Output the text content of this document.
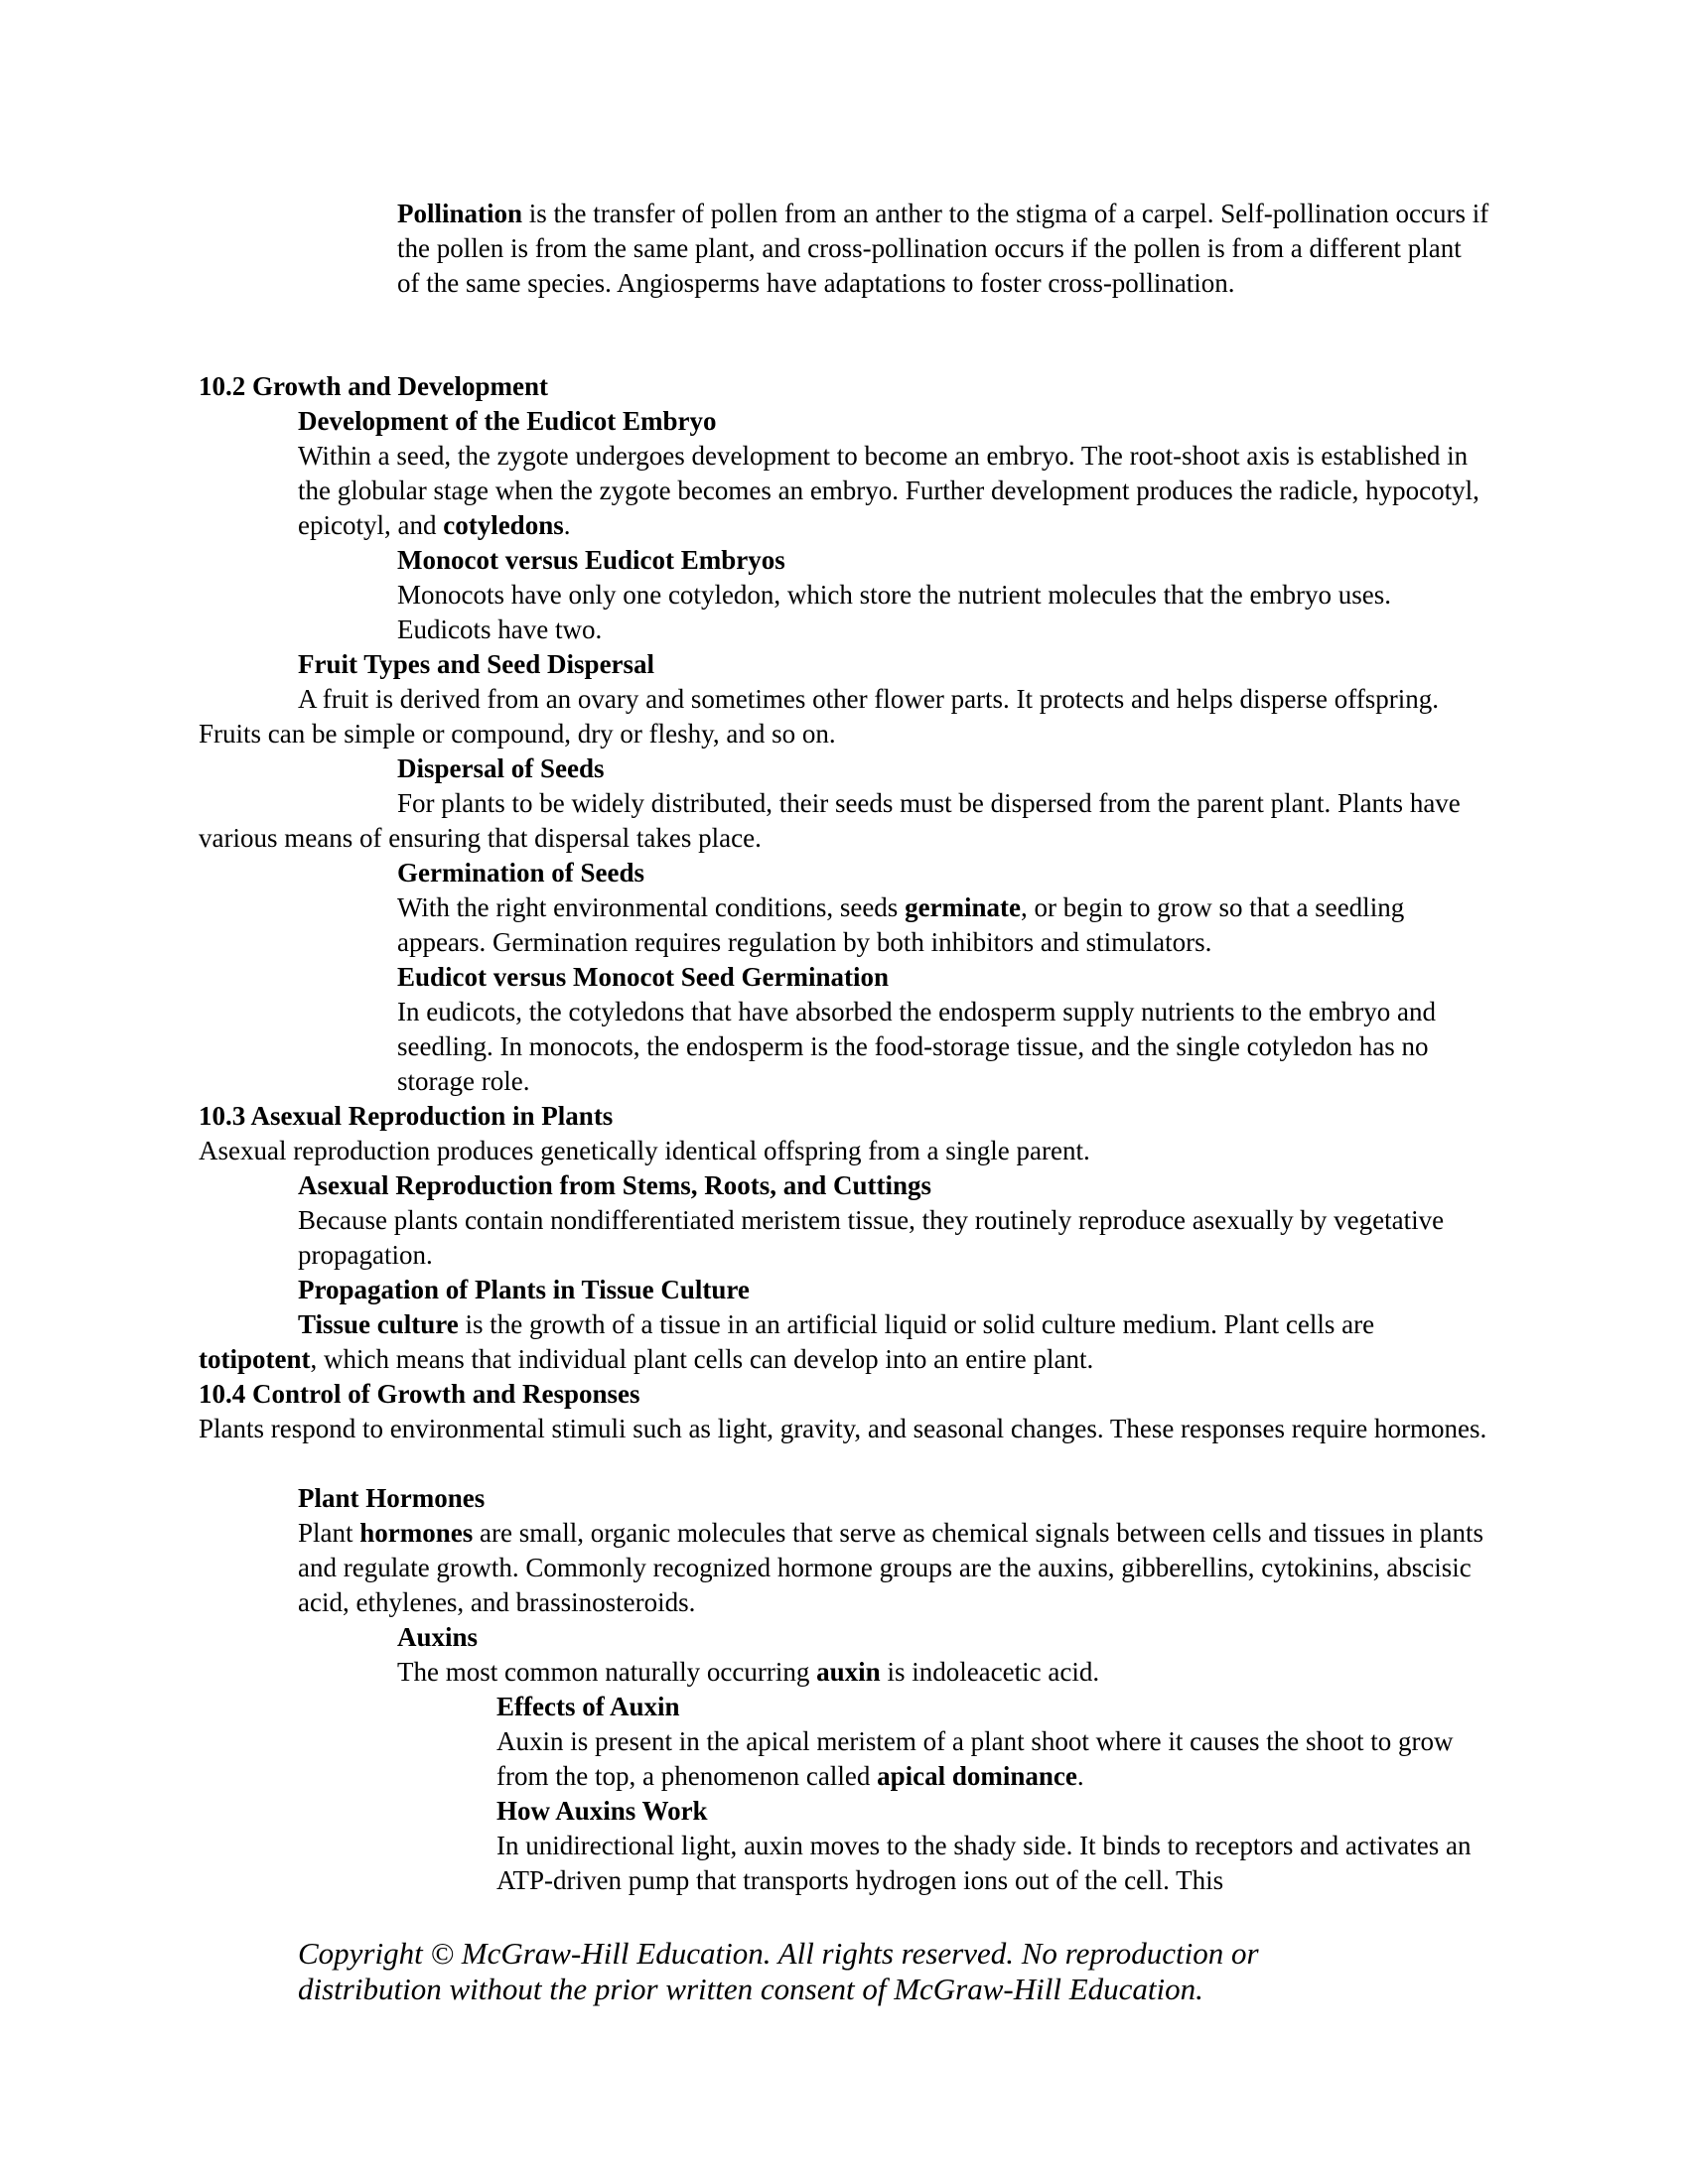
Pollination is the transfer of pollen from an anther to the stigma of a carpel. Self-pollination occurs if the pollen is from the same plant, and cross-pollination occurs if the pollen is from a different plant of the same species. Angiosperms have adaptations to foster cross-pollination.

10.2 Growth and Development

Development of the Eudicot Embryo

Within a seed, the zygote undergoes development to become an embryo. The root-shoot axis is established in the globular stage when the zygote becomes an embryo. Further development produces the radicle, hypocotyl, epicotyl, and cotyledons.

Monocot versus Eudicot Embryos

Monocots have only one cotyledon, which store the nutrient molecules that the embryo uses. Eudicots have two.

Fruit Types and Seed Dispersal

A fruit is derived from an ovary and sometimes other flower parts. It protects and helps disperse offspring. Fruits can be simple or compound, dry or fleshy, and so on.

Dispersal of Seeds

For plants to be widely distributed, their seeds must be dispersed from the parent plant. Plants have various means of ensuring that dispersal takes place.

Germination of Seeds

With the right environmental conditions, seeds germinate, or begin to grow so that a seedling appears. Germination requires regulation by both inhibitors and stimulators.

Eudicot versus Monocot Seed Germination

In eudicots, the cotyledons that have absorbed the endosperm supply nutrients to the embryo and seedling. In monocots, the endosperm is the food-storage tissue, and the single cotyledon has no storage role.

10.3 Asexual Reproduction in Plants

Asexual reproduction produces genetically identical offspring from a single parent.

Asexual Reproduction from Stems, Roots, and Cuttings

Because plants contain nondifferentiated meristem tissue, they routinely reproduce asexually by vegetative propagation.

Propagation of Plants in Tissue Culture

Tissue culture is the growth of a tissue in an artificial liquid or solid culture medium. Plant cells are totipotent, which means that individual plant cells can develop into an entire plant.

10.4 Control of Growth and Responses

Plants respond to environmental stimuli such as light, gravity, and seasonal changes. These responses require hormones.

Plant Hormones

Plant hormones are small, organic molecules that serve as chemical signals between cells and tissues in plants and regulate growth. Commonly recognized hormone groups are the auxins, gibberellins, cytokinins, abscisic acid, ethylenes, and brassinosteroids.

Auxins

The most common naturally occurring auxin is indoleacetic acid.

Effects of Auxin

Auxin is present in the apical meristem of a plant shoot where it causes the shoot to grow from the top, a phenomenon called apical dominance.

How Auxins Work

In unidirectional light, auxin moves to the shady side. It binds to receptors and activates an ATP-driven pump that transports hydrogen ions out of the cell. This

Copyright © McGraw-Hill Education. All rights reserved. No reproduction or
distribution without the prior written consent of McGraw-Hill Education.
